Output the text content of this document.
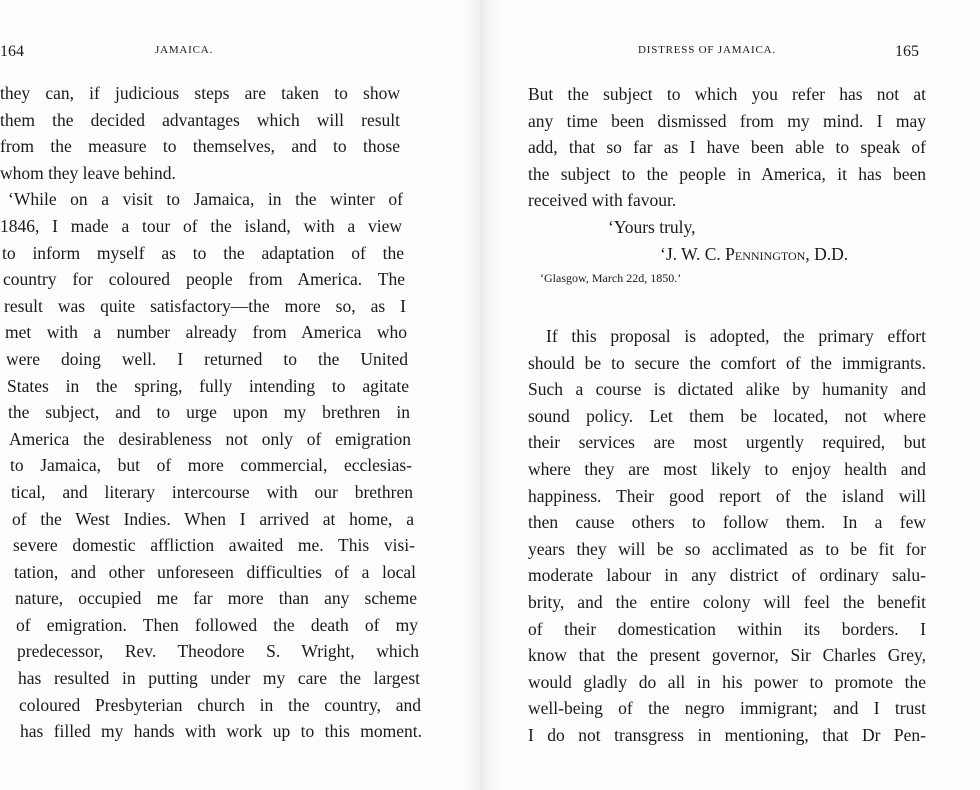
164	JAMAICA.
they can, if judicious steps are taken to show
them the decided advantages which will result
from the measure to themselves, and to those
whom they leave behind.
‘While on a visit to Jamaica, in the winter of
1846, I made a tour of the island, with a view
to inform myself as to the adaptation of the
country for coloured people from America. The
result was quite satisfactory—the more so, as I
met with a number already from America who
were doing well. I returned to the United
States in the spring, fully intending to agitate
the subject, and to urge upon my brethren in
America the desirableness not only of emigration
to Jamaica, but of more commercial, ecclesias-
tical, and literary intercourse with our brethren
of the West Indies. When I arrived at home, a
severe domestic affliction awaited me. This visi-
tation, and other unforeseen difficulties of a local
nature, occupied me far more than any scheme
of emigration. Then followed the death of my
predecessor, Rev. Theodore S. Wright, which
has resulted in putting under my care the largest
coloured Presbyterian church in the country, and
has filled my hands with work up to this moment.
DISTRESS OF JAMAICA.	165
But the subject to which you refer has not at
any time been dismissed from my mind. I may
add, that so far as I have been able to speak of
the subject to the people in America, it has been
received with favour.
‘Yours truly,
‘J. W. C. Pennington, D.D.
‘Glasgow, March 22d, 1850.’
If this proposal is adopted, the primary effort
should be to secure the comfort of the immigrants.
Such a course is dictated alike by humanity and
sound policy. Let them be located, not where
their services are most urgently required, but
where they are most likely to enjoy health and
happiness. Their good report of the island will
then cause others to follow them. In a few
years they will be so acclimated as to be fit for
moderate labour in any district of ordinary salu-
brity, and the entire colony will feel the benefit
of their domestication within its borders. I
know that the present governor, Sir Charles Grey,
would gladly do all in his power to promote the
well-being of the negro immigrant; and I trust
I do not transgress in mentioning, that Dr Pen-
